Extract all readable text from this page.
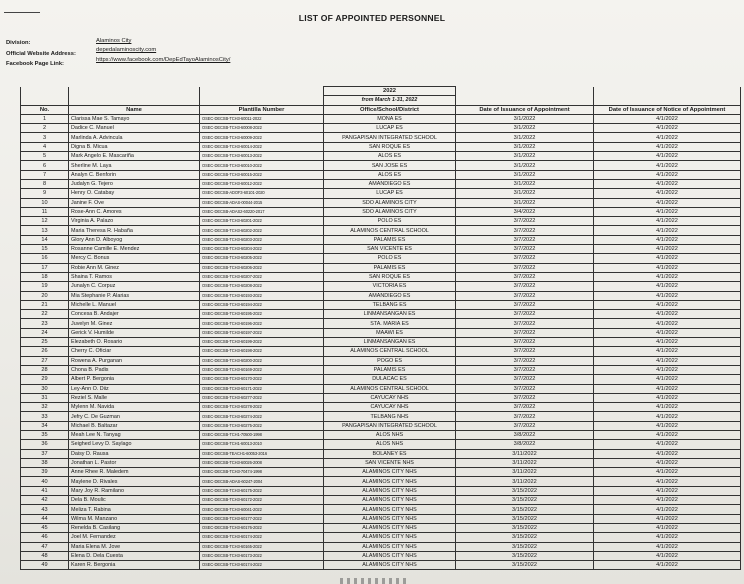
LIST OF APPOINTED PERSONNEL
Division:	Alaminos City
Official Website Address:
depedalaminoscity.com
Facebook Page Link:
https://www.facebook.com/DepEdTayoAlaminosCity/
			2022		
			from March 1-31, 2022		
No.	Name	Plantilla Number	Office/School/District	Date of Issuance of Appointment	Date of Issuance of Notice of Appointment
1	Clarissa Mae S. Tamayo	OSEC-DECSB-TCH3-60011-2022	MONA ES	3/1/2022	4/1/2022
2	Dadice C. Manuel	OSEC-DECSB-TCH3-60008-2022	LUCAP ES	3/1/2022	4/1/2022
3	Marlinda A. Advincula	OSEC-DECSB-TCH3-60009-2022	PANGAPISAN INTEGRATED SCHOOL	3/1/2022	4/1/2022
4	Digna B. Micua	OSEC-DECSB-TCH3-60014-2022	SAN ROQUE ES	3/1/2022	4/1/2022
5	Mark Angelo E. Mascariña	OSEC-DECSB-TCH3-60013-2022	ALOS ES	3/1/2022	4/1/2022
6	Sherline M. Laya	OSEC-DECSB-TCH3-60010-2022	SAN JOSE ES	3/1/2022	4/1/2022
7	Analyn C. Benforin	OSEC-DECSB-TCH3-60015-2022	ALOS ES	3/1/2022	4/1/2022
8	Judalyn G. Tejero	OSEC-DECSB-TCH3-60012-2022	AMANDIEGO ES	3/1/2022	4/1/2022
9	Henry O. Catabay	OSEC-DECSB-ADOF3-60101-2020	LUCAP ES	3/1/2022	4/1/2022
10	Janine F. Ove	OSEC-DECSB-ADAS-00044-2015	SDO ALAMINOS CITY	3/1/2022	4/1/2022
11	Rose-Ann C. Amores	OSEC-DECSB-ADAS2-60220-2017	SDO ALAMINOS CITY	3/4/2022	4/1/2022
12	Virginia A. Palazo	OSEC-DECSB-TCH3-60201-2022	POLO ES	3/7/2022	4/1/2022
13	Maria Theresa R. Habaña	OSEC-DECSB-TCH3-60202-2022	ALAMINOS CENTRAL SCHOOL	3/7/2022	4/1/2022
14	Glory Ann D. Alboyog	OSEC-DECSB-TCH3-60203-2022	PALAMIS ES	3/7/2022	4/1/2022
15	Rosanne Camille E. Mendez	OSEC-DECSB-TCH3-60204-2022	SAN VICENTE ES	3/7/2022	4/1/2022
16	Mercy C. Bonus	OSEC-DECSB-TCH3-60205-2022	POLO ES	3/7/2022	4/1/2022
17	Robie Ann M. Ginez	OSEC-DECSB-TCH3-60206-2022	PALAMIS ES	3/7/2022	4/1/2022
18	Shaina T. Ramos	OSEC-DECSB-TCH3-60207-2022	SAN ROQUE ES	3/7/2022	4/1/2022
19	Junalyn C. Corpuz	OSEC-DECSB-TCH3-60208-2022	VICTORIA ES	3/7/2022	4/1/2022
20	Mia Stephanie P. Alarias	OSEC-DECSB-TCH3-60193-2022	AMANDIEGO ES	3/7/2022	4/1/2022
21	Michelle L. Manuel	OSEC-DECSB-TCH3-60194-2022	TELBANG ES	3/7/2022	4/1/2022
22	Concesa B. Andajer	OSEC-DECSB-TCH3-60195-2022	LINMANSANGAN ES	3/7/2022	4/1/2022
23	Juvelyn M. Ginez	OSEC-DECSB-TCH3-60196-2022	STA. MARIA ES	3/7/2022	4/1/2022
24	Gerick V. Humilde	OSEC-DECSB-TCH3-60197-2022	MAAWI ES	3/7/2022	4/1/2022
25	Elezabeth O. Rosario	OSEC-DECSB-TCH3-60199-2022	LINMANSANGAN ES	3/7/2022	4/1/2022
26	Cherry C. Oficiar	OSEC-DECSB-TCH3-60198-2022	ALAMINOS CENTRAL SCHOOL	3/7/2022	4/1/2022
27	Rowena A. Purganan	OSEC-DECSB-TCH3-60200-2022	POGO ES	3/7/2022	4/1/2022
28	Chona B. Padis	OSEC-DECSB-TCH3-60169-2022	PALAMIS ES	3/7/2022	4/1/2022
29	Albert P. Bergonia	OSEC-DECSB-TCH3-60170-2022	DULACAC ES	3/7/2022	4/1/2022
30	Ley-Ann O. Diiz	OSEC-DECSB-TCH3-60171-2022	ALAMINOS CENTRAL SCHOOL	3/7/2022	4/1/2022
31	Reziel S. Malle	OSEC-DECSB-TCH3-60277-2022	CAYUCAY NHS	3/7/2022	4/1/2022
32	Mylenn M. Navida	OSEC-DECSB-TCH3-60278-2022	CAYUCAY NHS	3/7/2022	4/1/2022
33	Jefry C. De Guzman	OSEC-DECSB-TCH3-60274-2022	TELBANG NHS	3/7/2022	4/1/2022
34	Michael B. Baltazar	OSEC-DECSB-TCH3-60275-2022	PANGAPISAN INTEGRATED SCHOOL	3/7/2022	4/1/2022
35	Meah Lee N. Tanyag	OSEC-DECSB-TCH1-70500-1998	ALOS NHS	3/8/2022	4/1/2022
36	Seighed Levy D. Saylago	OSEC-DECSB-TCH1-60013-2010	ALOS NHS	3/8/2022	4/1/2022
37	Daisy D. Rausa	OSEC-DECSB-TEACH1-60053-2016	BOLANEY ES	3/11/2022	4/1/2022
38	Jonathan L. Pastor	OSEC-DECSB-TCH3-60026-2008	SAN VICENTE NHS	3/11/2022	4/1/2022
39	Anne Rhee R. Maledem	OSEC-DECSB-TCH3-70474-1998	ALAMINOS CITY NHS	3/11/2022	4/1/2022
40	Maylene D. Rivales	OSEC-DECSB-ADAS-60247-2004	ALAMINOS CITY NHS	3/11/2022	4/1/2022
41	Mary Joy R. Ramilano	OSEC-DECSB-TCH3-60175-2022	ALAMINOS CITY NHS	3/15/2022	4/1/2022
42	Dela B. Moulic	OSEC-DECSB-TCH3-60172-2022	ALAMINOS CITY NHS	3/15/2022	4/1/2022
43	Meliza T. Rabina	OSEC-DECSB-TCH3-60041-2022	ALAMINOS CITY NHS	3/15/2022	4/1/2022
44	Wilma M. Manzano	OSEC-DECSB-TCH3-60177-2022	ALAMINOS CITY NHS	3/15/2022	4/1/2022
45	Renelda B. Casilang	OSEC-DECSB-TCH3-60176-2022	ALAMINOS CITY NHS	3/15/2022	4/1/2022
46	Joel M. Fernandez	OSEC-DECSB-TCH3-60174-2022	ALAMINOS CITY NHS	3/15/2022	4/1/2022
47	Maria Elena M. Jove	OSEC-DECSB-TCH3-60165-2022	ALAMINOS CITY NHS	3/15/2022	4/1/2022
48	Elena D. Dela Cuesta	OSEC-DECSB-TCH3-60173-2022	ALAMINOS CITY NHS	3/15/2022	4/1/2022
49	Karen R. Bergonia	OSEC-DECSB-TCH3-60174-2022	ALAMINOS CITY NHS	3/15/2022	4/1/2022
